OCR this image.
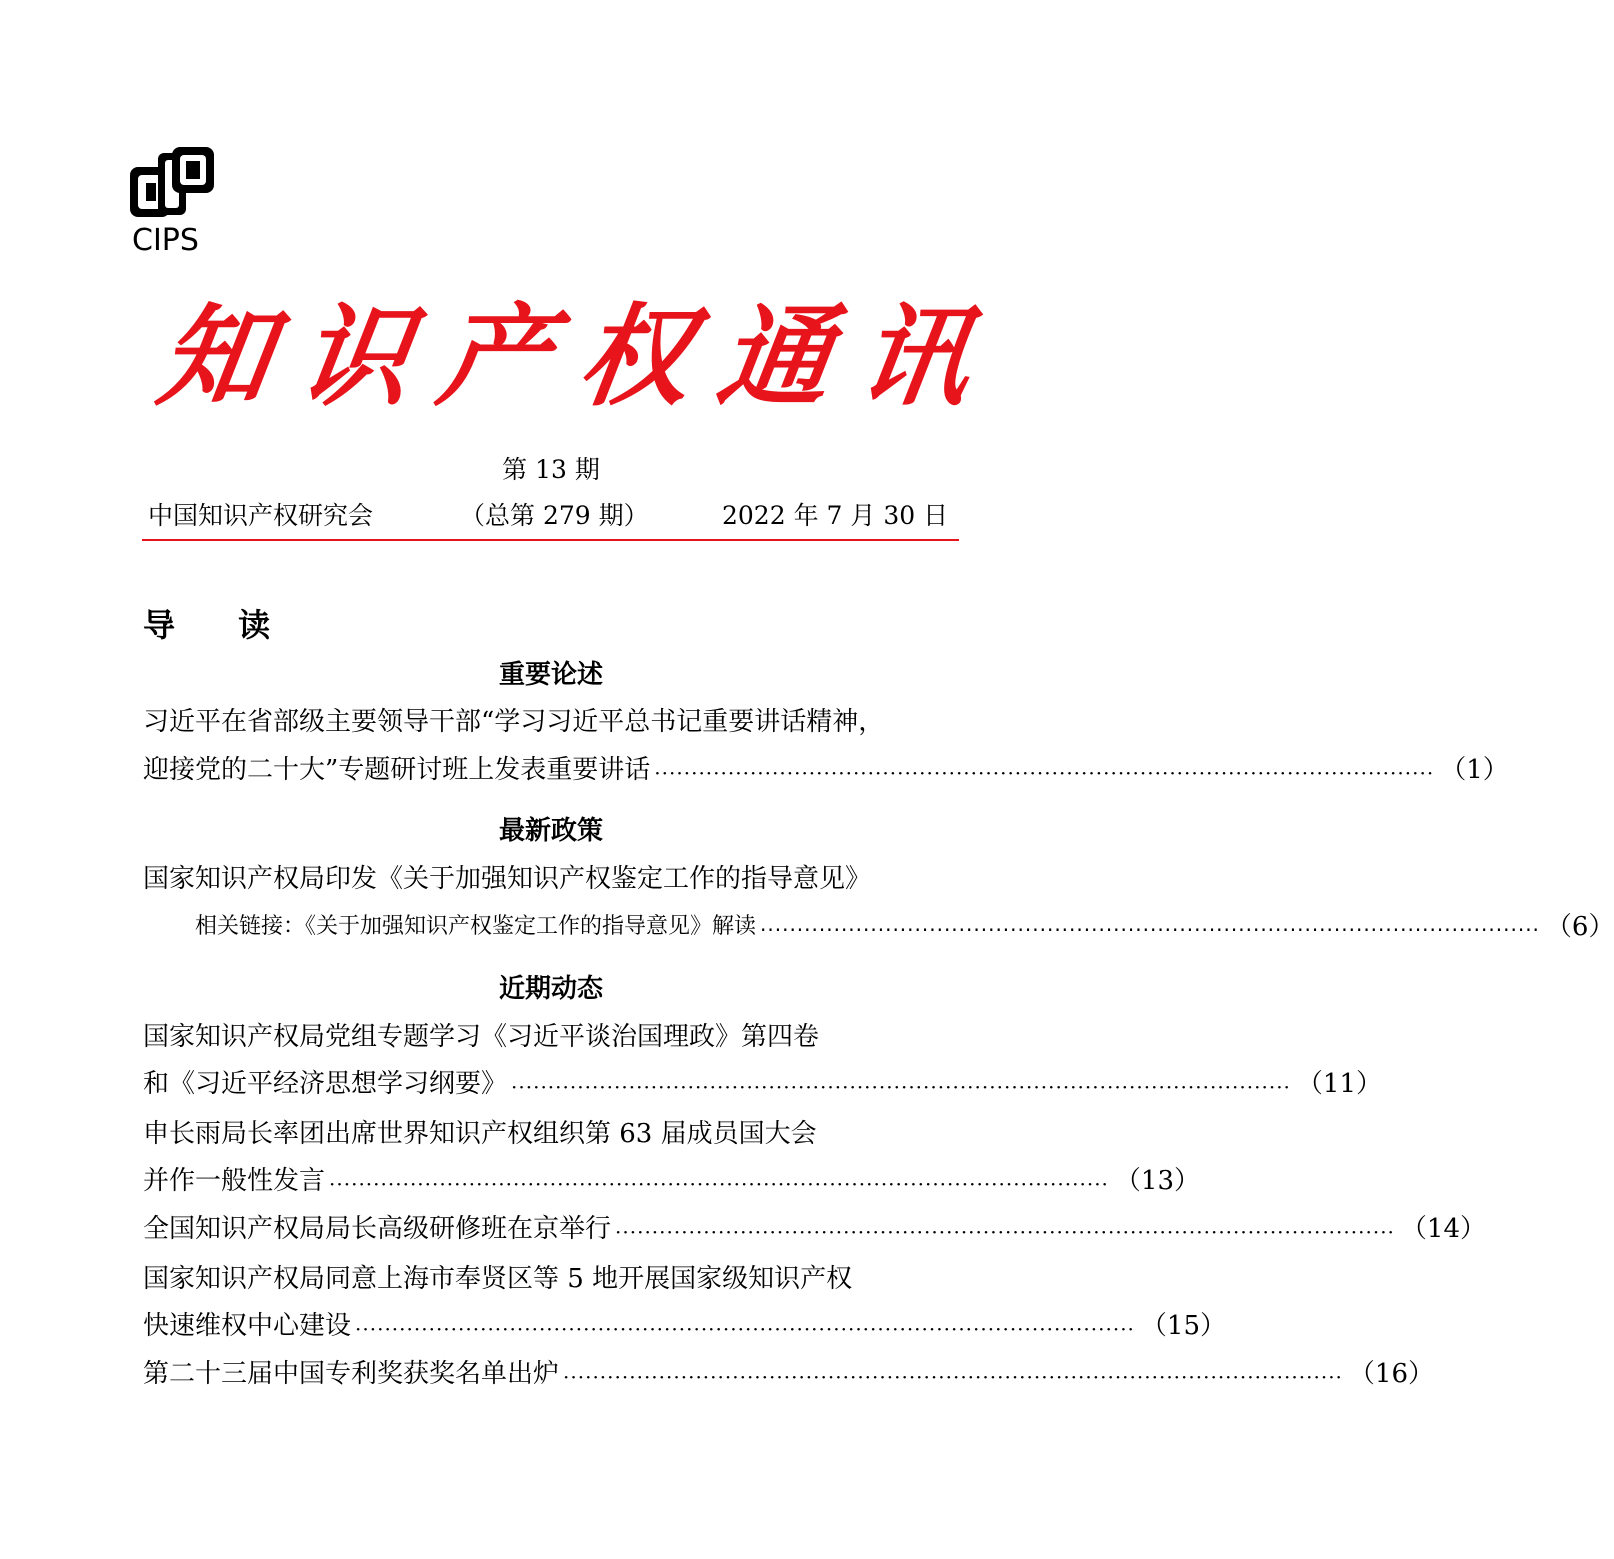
CIPS
知识产权通讯
第 13 期
中国知识产权研究会	（总第 279 期）	2022 年 7 月 30 日
导 读
重要论述
习近平在省部级主要领导干部“学习习近平总书记重要讲话精神，
迎接党的二十大”专题研讨班上发表重要讲话 ·········································································································· （1）
最新政策
国家知识产权局印发《关于加强知识产权鉴定工作的指导意见》
相关链接：《关于加强知识产权鉴定工作的指导意见》解读 ·········································································································· （6）
近期动态
国家知识产权局党组专题学习《习近平谈治国理政》第四卷
和《习近平经济思想学习纲要》 ·········································································································· （11）
申长雨局长率团出席世界知识产权组织第 63 届成员国大会
并作一般性发言 ·········································································································· （13）
全国知识产权局局长高级研修班在京举行 ·········································································································· （14）
国家知识产权局同意上海市奉贤区等 5 地开展国家级知识产权
快速维权中心建设 ·········································································································· （15）
第二十三届中国专利奖获奖名单出炉 ·········································································································· （16）
